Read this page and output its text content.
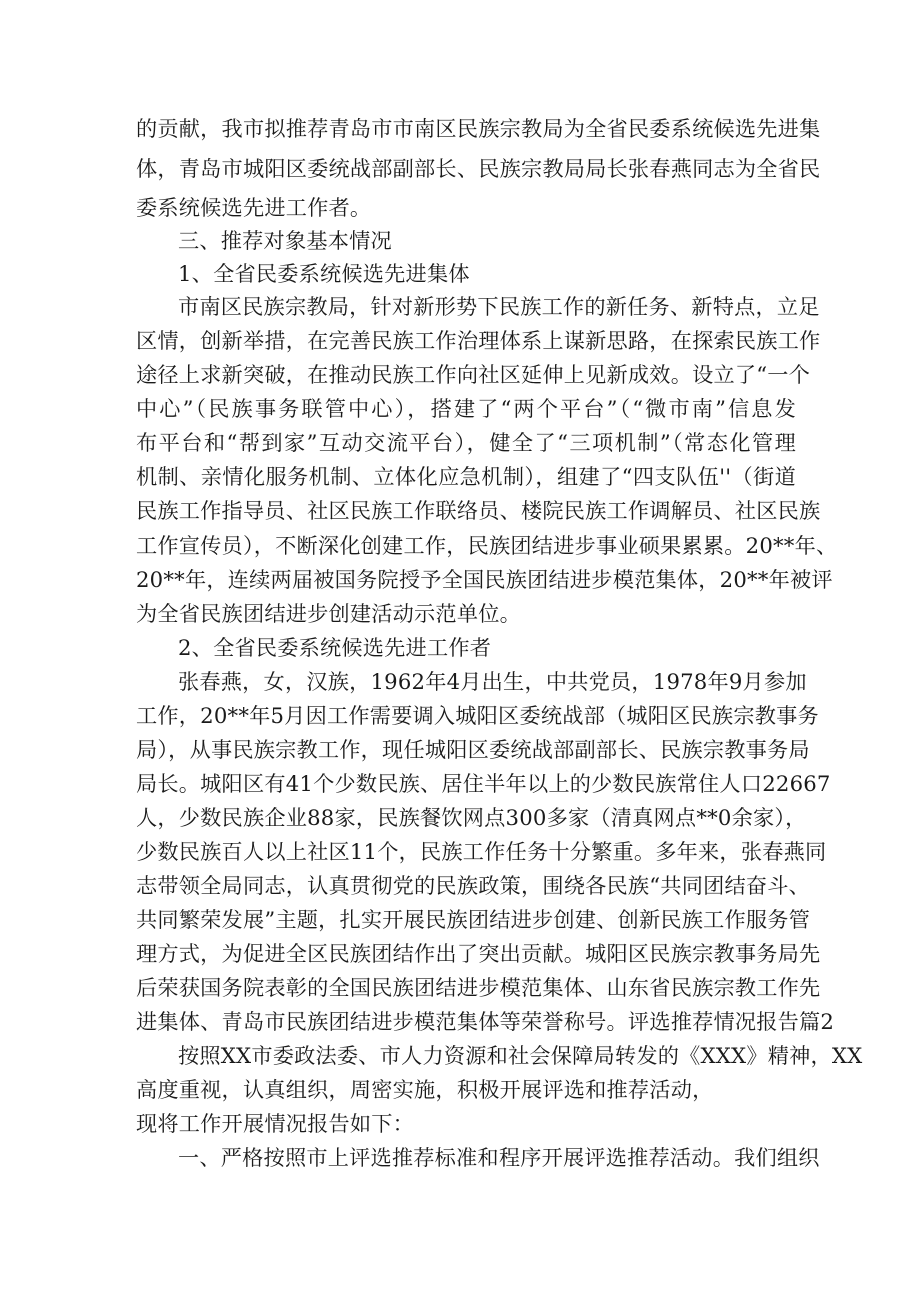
的贡献，我市拟推荐青岛市市南区民族宗教局为全省民委系统候选先进集
体，青岛市城阳区委统战部副部长、民族宗教局局长张春燕同志为全省民
委系统候选先进工作者。
三、推荐对象基本情况
1、全省民委系统候选先进集体
市南区民族宗教局，针对新形势下民族工作的新任务、新特点，立足
区情，创新举措，在完善民族工作治理体系上谋新思路，在探索民族工作
途径上求新突破，在推动民族工作向社区延伸上见新成效。设立了“一个
中心”（民族事务联管中心），搭建了“两个平台”（“微市南”信息发
布平台和“帮到家”互动交流平台），健全了“三项机制”（常态化管理
机制、亲情化服务机制、立体化应急机制），组建了“四支队伍''（街道
民族工作指导员、社区民族工作联络员、楼院民族工作调解员、社区民族
工作宣传员），不断深化创建工作，民族团结进步事业硕果累累。20**年、
20**年，连续两届被国务院授予全国民族团结进步模范集体，20**年被评
为全省民族团结进步创建活动示范单位。
2、全省民委系统候选先进工作者
张春燕，女，汉族，1962年4月出生，中共党员，1978年9月参加
工作，20**年5月因工作需要调入城阳区委统战部（城阳区民族宗教事务
局），从事民族宗教工作，现任城阳区委统战部副部长、民族宗教事务局
局长。城阳区有41个少数民族、居住半年以上的少数民族常住人口22667
人，少数民族企业88家，民族餐饮网点300多家（清真网点**0余家），
少数民族百人以上社区11个，民族工作任务十分繁重。多年来，张春燕同
志带领全局同志，认真贯彻党的民族政策，围绕各民族“共同团结奋斗、
共同繁荣发展”主题，扎实开展民族团结进步创建、创新民族工作服务管
理方式，为促进全区民族团结作出了突出贡献。城阳区民族宗教事务局先
后荣获国务院表彰的全国民族团结进步模范集体、山东省民族宗教工作先
进集体、青岛市民族团结进步模范集体等荣誉称号。评选推荐情况报告篇2
按照XX市委政法委、市人力资源和社会保障局转发的《XXX》精神，XX
高度重视，认真组织，周密实施，积极开展评选和推荐活动，
现将工作开展情况报告如下：
一、严格按照市上评选推荐标准和程序开展评选推荐活动。我们组织
